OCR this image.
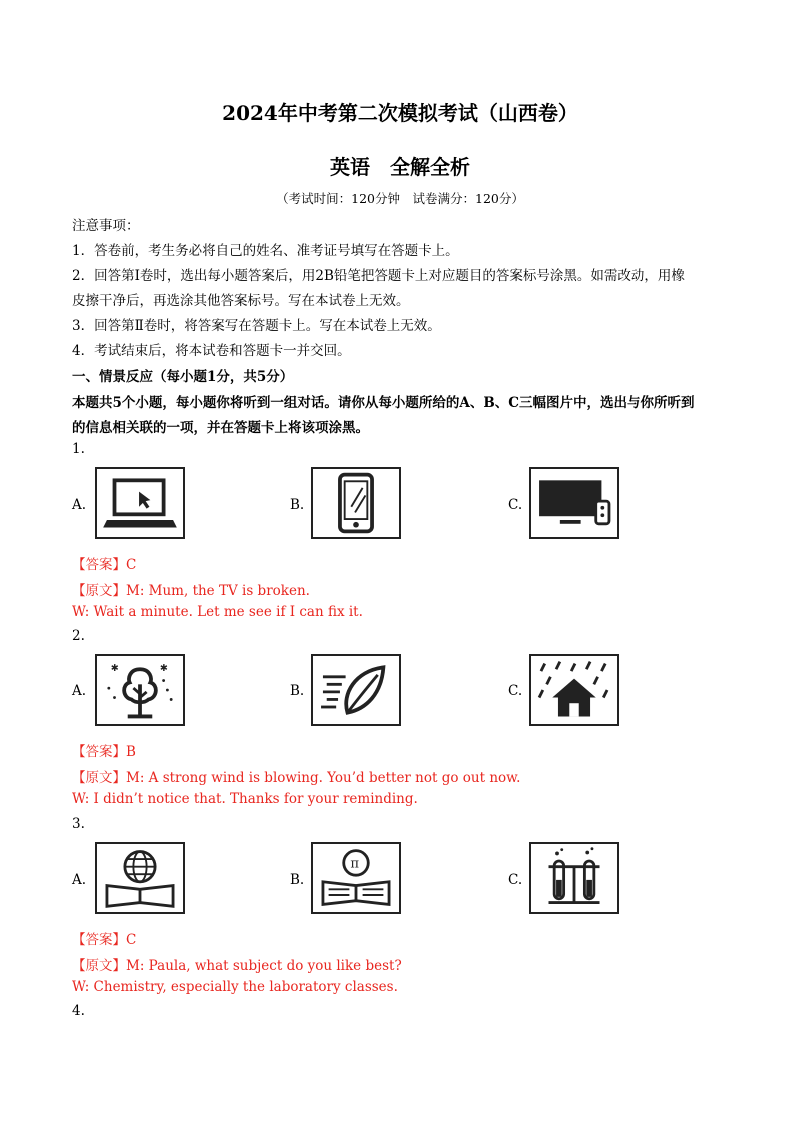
2024年中考第二次模拟考试（山西卷）
英语　全解全析
（考试时间：120分钟　试卷满分：120分）
注意事项：
1．答卷前，考生务必将自己的姓名、准考证号填写在答题卡上。
2．回答第Ⅰ卷时，选出每小题答案后，用2B铅笔把答题卡上对应题目的答案标号涂黑。如需改动，用橡
皮擦干净后，再选涂其他答案标号。写在本试卷上无效。
3．回答第Ⅱ卷时，将答案写在答题卡上。写在本试卷上无效。
4．考试结束后，将本试卷和答题卡一并交回。
一、情景反应（每小题1分，共5分）
本题共5个小题，每小题你将听到一组对话。请你从每小题所给的A、B、C三幅图片中，选出与你所听到
的信息相关联的一项，并在答题卡上将该项涂黑。
1.
A.	B.	C.
【答案】C
【原文】M: Mum, the TV is broken.
W: Wait a minute. Let me see if I can fix it.
2.
A.
✱	✱
B.	C.
【答案】B
【原文】M: A strong wind is blowing. You’d better not go out now.
W: I didn’t notice that. Thanks for your reminding.
3.
A.	B.
π
C.
【答案】C
【原文】M: Paula, what subject do you like best?
W: Chemistry, especially the laboratory classes.
4.
